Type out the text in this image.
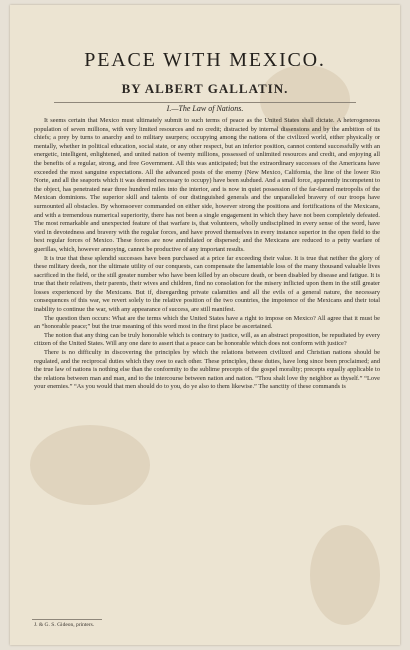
PEACE WITH MEXICO.
BY ALBERT GALLATIN.
I.—The Law of Nations.

It seems certain that Mexico must ultimately submit to such terms of peace as the United States shall dictate. A heterogeneous population of seven millions, with very limited resources and no credit; distracted by internal dissensions and by the ambition of its chiefs; a prey by turns to anarchy and to military usurpers; occupying among the nations of the civilized world, either physically or mentally, whether in political education, social state, or any other respect, but an inferior position, cannot contend successfully with an energetic, intelligent, enlightened, and united nation of twenty millions, possessed of unlimited resources and credit, and enjoying all the benefits of a regular, strong, and free Government. All this was anticipated; but the extraordinary successes of the Americans have exceeded the most sanguine expectations. All the advanced posts of the enemy (New Mexico, California, the line of the lower Rio Norte, and all the seaports which it was deemed necessary to occupy) have been subdued. And a small force, apparently incompetent to the object, has penetrated near three hundred miles into the interior, and is now in quiet possession of the far-famed metropolis of the Mexican dominions. The superior skill and talents of our distinguished generals and the unparalleled bravery of our troops have surmounted all obstacles. By whomsoever commanded on either side, however strong the positions and fortifications of the Mexicans, and with a tremendous numerical superiority, there has not been a single engagement in which they have not been completely defeated. The most remarkable and unexpected feature of that warfare is, that volunteers, wholly undisciplined in every sense of the word, have vied in devotedness and bravery with the regular forces, and have proved themselves in every instance superior in the open field to the best regular forces of Mexico. These forces are now annihilated or dispersed; and the Mexicans are reduced to a petty warfare of guerillas, which, however annoying, cannot be productive of any important results.

It is true that these splendid successes have been purchased at a price far exceeding their value. It is true that neither the glory of these military deeds, nor the ultimate utility of our conquests, can compensate the lamentable loss of the many thousand valuable lives sacrificed in the field, or the still greater number who have been killed by an obscure death, or been disabled by disease and fatigue. It is true that their relatives, their parents, their wives and children, find no consolation for the misery inflicted upon them in the still greater losses experienced by the Mexicans. But if, disregarding private calamities and all the evils of a general nature, the necessary consequences of this war, we revert solely to the relative position of the two countries, the impotence of the Mexicans and their total inability to continue the war, with any appearance of success, are still manifest.

The question then occurs: What are the terms which the United States have a right to impose on Mexico? All agree that it must be an “honorable peace;” but the true meaning of this word most in the first place be ascertained.

The notion that any thing can be truly honorable which is contrary to justice, will, as an abstract proposition, be repudiated by every citizen of the United States. Will any one dare to assert that a peace can be honorable which does not conform with justice?

There is no difficulty in discovering the principles by which the relations between civilized and Christian nations should be regulated, and the reciprocal duties which they owe to each other. These principles, these duties, have long since been proclaimed; and the true law of nations is nothing else than the conformity to the sublime precepts of the gospel morality; precepts equally applicable to the relations between man and man, and to the intercourse between nation and nation. “Thou shalt love thy neighbor as thyself.” “Love your enemies.” “As you would that men should do to you, do ye also to them likewise.” The sanctity of these commands is

J. & G. S. Gideon, printers.
